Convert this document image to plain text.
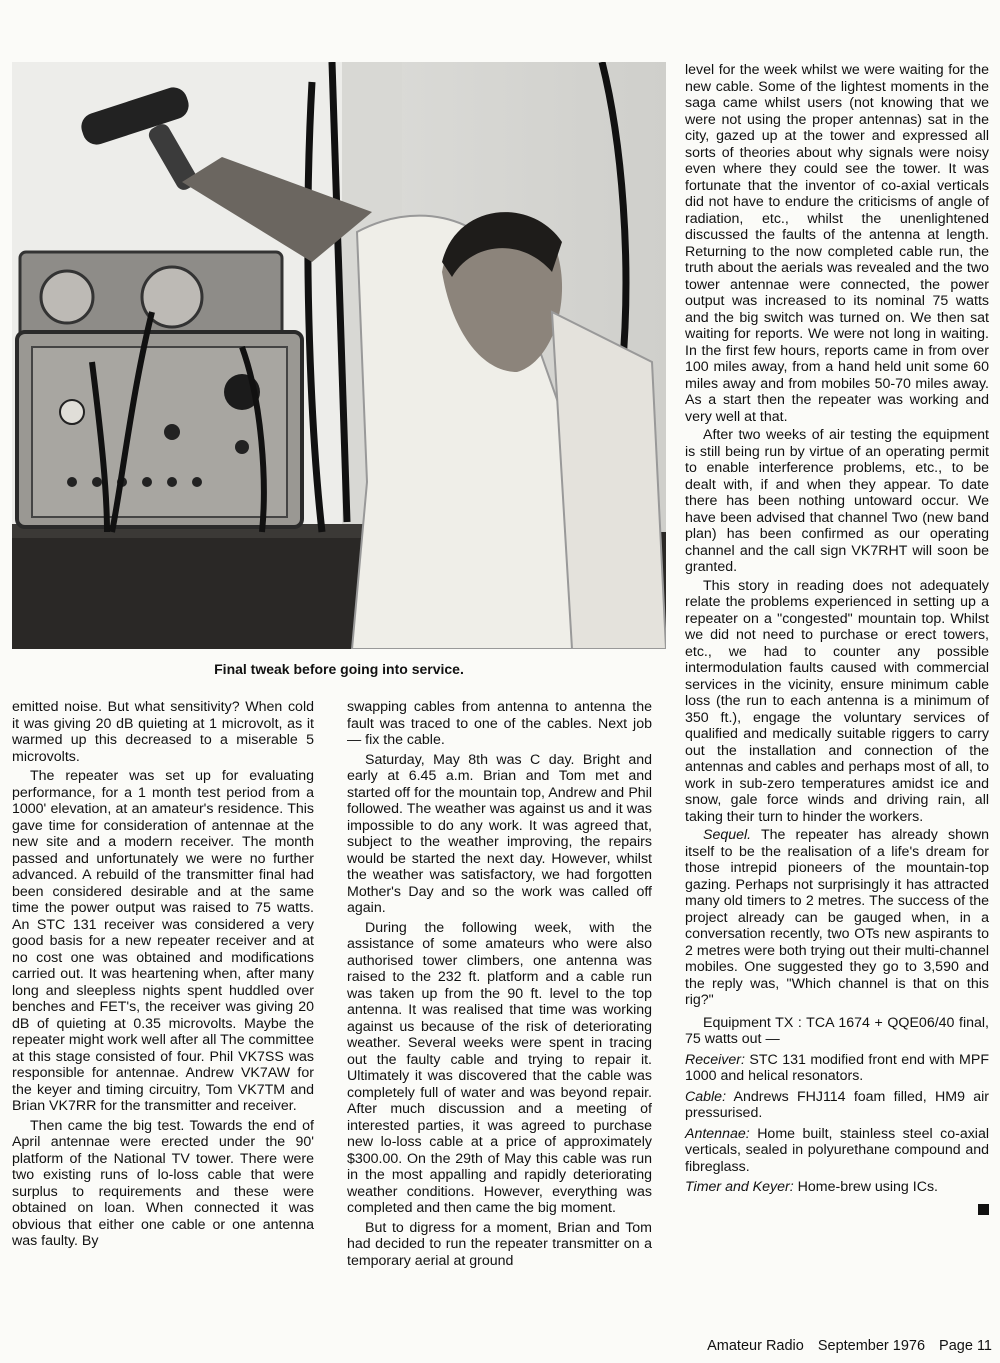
Final tweak before going into service.

emitted noise. But what sensitivity? When cold it was giving 20 dB quieting at 1 microvolt, as it warmed up this decreased to a miserable 5 microvolts.

The repeater was set up for evaluating performance, for a 1 month test period from a 1000' elevation, at an amateur's residence. This gave time for consideration of antennae at the new site and a modern receiver. The month passed and unfortunately we were no further advanced. A rebuild of the transmitter final had been considered desirable and at the same time the power output was raised to 75 watts. An STC 131 receiver was considered a very good basis for a new repeater receiver and at no cost one was obtained and modifications carried out. It was heartening when, after many long and sleepless nights spent huddled over benches and FET's, the receiver was giving 20 dB of quieting at 0.35 microvolts. Maybe the repeater might work well after all The committee at this stage consisted of four. Phil VK7SS was responsible for antennae. Andrew VK7AW for the keyer and timing circuitry, Tom VK7TM and Brian VK7RR for the transmitter and receiver.

Then came the big test. Towards the end of April antennae were erected under the 90' platform of the National TV tower. There were two existing runs of lo-loss cable that were surplus to requirements and these were obtained on loan. When connected it was obvious that either one cable or one antenna was faulty. By

swapping cables from antenna to antenna the fault was traced to one of the cables. Next job — fix the cable.

Saturday, May 8th was C day. Bright and early at 6.45 a.m. Brian and Tom met and started off for the mountain top, Andrew and Phil followed. The weather was against us and it was impossible to do any work. It was agreed that, subject to the weather improving, the repairs would be started the next day. However, whilst the weather was satisfactory, we had forgotten Mother's Day and so the work was called off again.

During the following week, with the assistance of some amateurs who were also authorised tower climbers, one antenna was raised to the 232 ft. platform and a cable run was taken up from the 90 ft. level to the top antenna. It was realised that time was working against us because of the risk of deteriorating weather. Several weeks were spent in tracing out the faulty cable and trying to repair it. Ultimately it was discovered that the cable was completely full of water and was beyond repair. After much discussion and a meeting of interested parties, it was agreed to purchase new lo-loss cable at a price of approximately $300.00. On the 29th of May this cable was run in the most appalling and rapidly deteriorating weather conditions. However, everything was completed and then came the big moment.

But to digress for a moment, Brian and Tom had decided to run the repeater transmitter on a temporary aerial at ground

level for the week whilst we were waiting for the new cable. Some of the lightest moments in the saga came whilst users (not knowing that we were not using the proper antennas) sat in the city, gazed up at the tower and expressed all sorts of theories about why signals were noisy even where they could see the tower. It was fortunate that the inventor of co-axial verticals did not have to endure the criticisms of angle of radiation, etc., whilst the unenlightened discussed the faults of the antenna at length. Returning to the now completed cable run, the truth about the aerials was revealed and the two tower antennae were connected, the power output was increased to its nominal 75 watts and the big switch was turned on. We then sat waiting for reports. We were not long in waiting. In the first few hours, reports came in from over 100 miles away, from a hand held unit some 60 miles away and from mobiles 50-70 miles away. As a start then the repeater was working and very well at that.

After two weeks of air testing the equipment is still being run by virtue of an operating permit to enable interference problems, etc., to be dealt with, if and when they appear. To date there has been nothing untoward occur. We have been advised that channel Two (new band plan) has been confirmed as our operating channel and the call sign VK7RHT will soon be granted.

This story in reading does not adequately relate the problems experienced in setting up a repeater on a "congested" mountain top. Whilst we did not need to purchase or erect towers, etc., we had to counter any possible intermodulation faults caused with commercial services in the vicinity, ensure minimum cable loss (the run to each antenna is a minimum of 350 ft.), engage the voluntary services of qualified and medically suitable riggers to carry out the installation and connection of the antennas and cables and perhaps most of all, to work in sub-zero temperatures amidst ice and snow, gale force winds and driving rain, all taking their turn to hinder the workers.

Sequel. The repeater has already shown itself to be the realisation of a life's dream for those intrepid pioneers of the mountain-top gazing. Perhaps not surprisingly it has attracted many old timers to 2 metres. The success of the project already can be gauged when, in a conversation recently, two OTs new aspirants to 2 metres were both trying out their multi-channel mobiles. One suggested they go to 3,590 and the reply was, "Which channel is that on this rig?"

Equipment TX : TCA 1674 + QQE06/40 final, 75 watts out —

Receiver: STC 131 modified front end with MPF 1000 and helical resonators.

Cable: Andrews FHJ114 foam filled, HM9 air pressurised.

Antennae: Home built, stainless steel co-axial verticals, sealed in polyurethane compound and fibreglass.

Timer and Keyer: Home-brew using ICs.

Amateur Radio September 1976 Page 11
